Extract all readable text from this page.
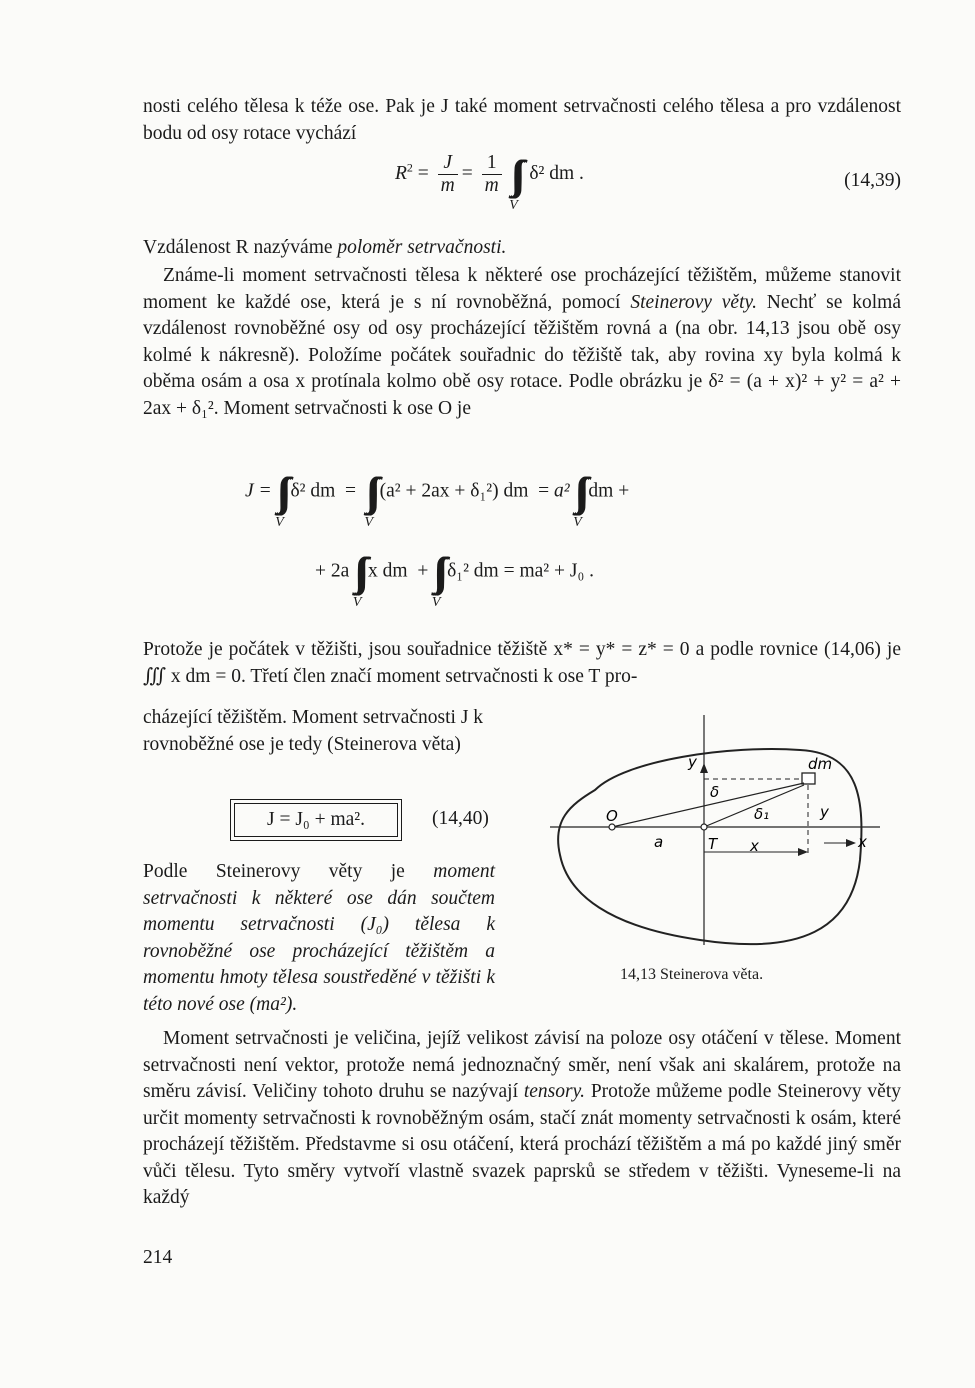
nosti celého tělesa k téže ose. Pak je J také moment setrvačnosti celého tělesa a pro vzdálenost bodu od osy rotace vychází

$R^2 = \frac{J}{m} = \frac{1}{m}$ ∫∫∫
V
δ² dm .	(14,39)

Vzdálenost R nazýváme poloměr setrvačnosti.

Známe-li moment setrvačnosti tělesa k některé ose procházející těžištěm, můžeme stanovit moment ke každé ose, která je s ní rovnoběžná, pomocí Steinerovy věty. Nechť se kolmá vzdálenost rovnoběžné osy od osy procházející těžištěm rovná a (na obr. 14,13 jsou obě osy kolmé k nákresně). Položíme počátek souřadnic do těžiště tak, aby rovina xy byla kolmá k oběma osám a osa x protínala kolmo obě osy rotace. Podle obrázku je δ² = (a + x)² + y² = a² + 2ax + δ₁². Moment setrvačnosti k ose O je

J = ∫∫∫
V
δ² dm  =  ∫∫∫
V
(a² + 2ax + δ₁²) dm  = a² ∫∫∫
V
dm +
+ 2a ∫∫∫
V
x dm + ∫∫∫
V
δ₁² dm = ma² + J₀ .

Protože je počátek v těžišti, jsou souřadnice těžiště x* = y* = z* = 0 a podle rovnice (14,06) je ∭ x dm = 0. Třetí člen značí moment setrvačnosti k ose T pro-

cházející těžištěm. Moment setrvačnosti J k rovnoběžné ose je tedy (Steinerova věta)

J = J₀ + ma².	(14,40)

Podle Steinerovy věty je moment setrvačnosti k některé ose dán součtem momentu setrvačnosti (J₀) tělesa k rovnoběžné ose procházející těžištěm a momentu hmoty tělesa soustředěné v těžišti k této nové ose (ma²).

y	dm
δ
δ₁	y
O
a	T x	x
14,13 Steinerova věta.

Moment setrvačnosti je veličina, jejíž velikost závisí na poloze osy otáčení v tělese. Moment setrvačnosti není vektor, protože nemá jednoznačný směr, není však ani skalárem, protože na směru závisí. Veličiny tohoto druhu se nazývají tensory. Protože můžeme podle Steinerovy věty určit momenty setrvačnosti k rovnoběžným osám, stačí znát momenty setrvačnosti k osám, které procházejí těžištěm. Představme si osu otáčení, která prochází těžištěm a má po každé jiný směr vůči tělesu. Tyto směry vytvoří vlastně svazek paprsků se středem v těžišti. Vyneseme-li na každý

214
